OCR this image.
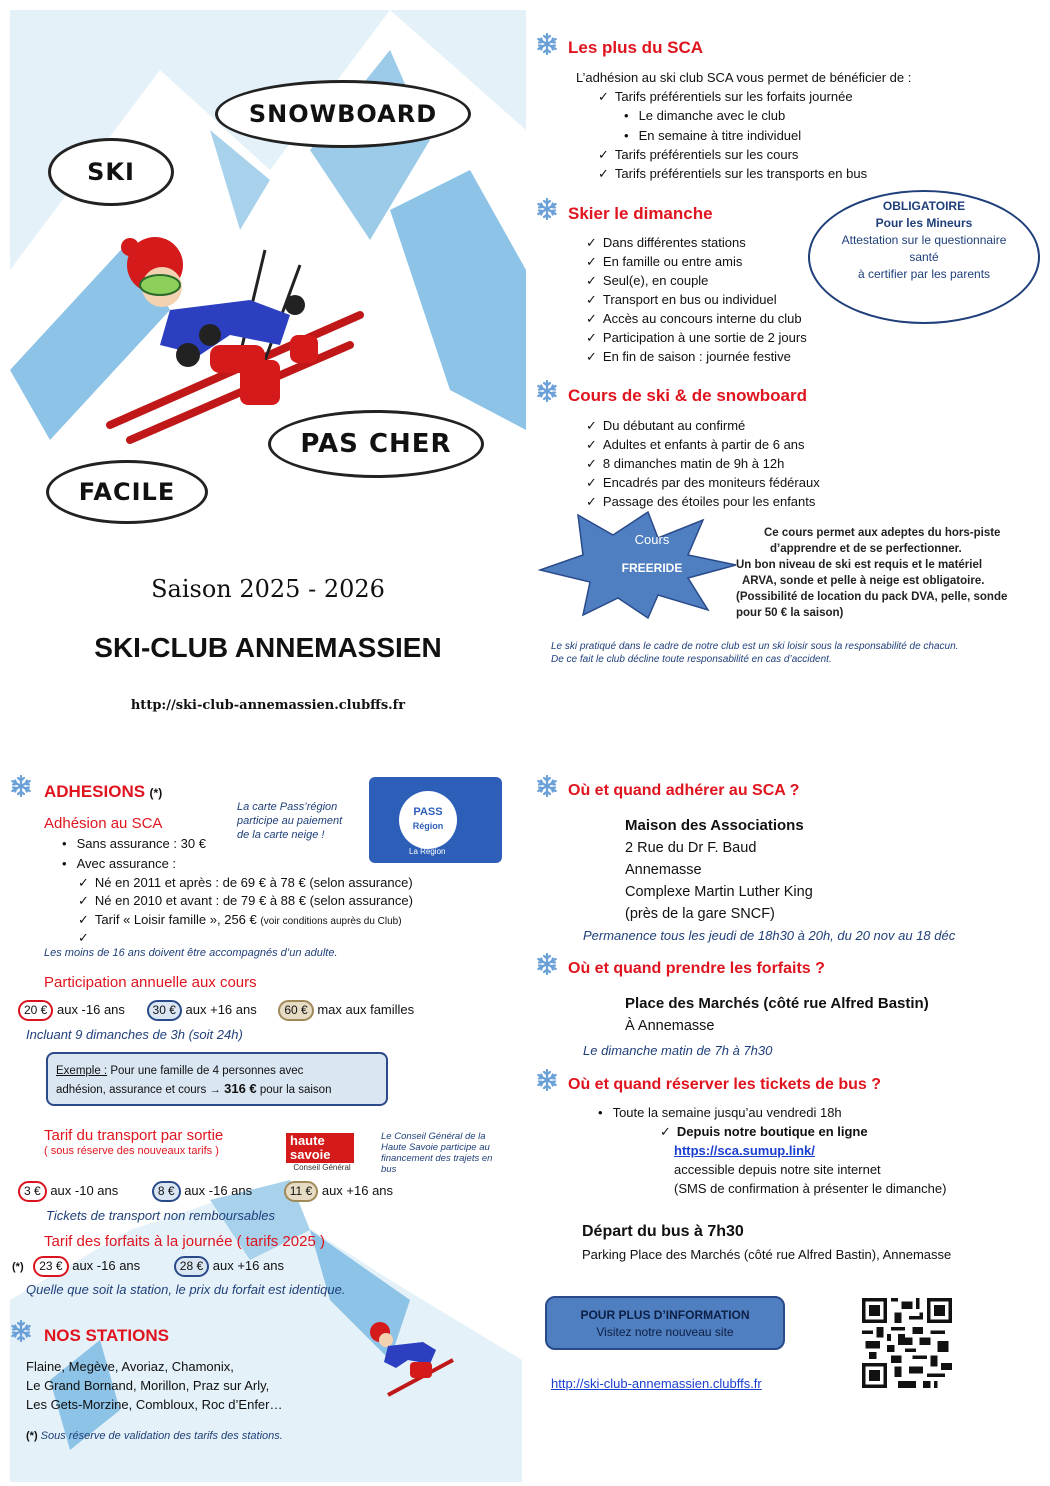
SNOWBOARD
SKI
PAS CHER
FACILE
Saison 2025 - 2026
SKI-CLUB ANNEMASSIEN
http://ski-club-annemassien.clubffs.fr
Les plus du SCA
L’adhésion au ski club SCA vous permet de bénéficier de :
✓ Tarifs préférentiels sur les forfaits journée
• Le dimanche avec le club
• En semaine à titre individuel
✓ Tarifs préférentiels sur les cours
✓ Tarifs préférentiels sur les transports en bus
Skier le dimanche
✓ Dans différentes stations
✓ En famille ou entre amis
✓ Seul(e), en couple
✓ Transport en bus ou individuel
✓ Accès au concours interne du club
✓ Participation à une sortie de 2 jours
✓ En fin de saison : journée festive
OBLIGATOIRE
Pour les Mineurs
Attestation sur le questionnaire
santé
à certifier par les parents
Cours de ski & de snowboard
✓ Du débutant au confirmé
✓ Adultes et enfants à partir de 6 ans
✓ 8 dimanches matin de 9h à 12h
✓ Encadrés par des moniteurs fédéraux
✓ Passage des étoiles pour les enfants
Cours
FREERIDE
Ce cours permet aux adeptes du hors-piste
d’apprendre et de se perfectionner.
Un bon niveau de ski est requis et le matériel
ARVA, sonde et pelle à neige est obligatoire.
(Possibilité de location du pack DVA, pelle, sonde
pour 50 € la saison)
Le ski pratiqué dans le cadre de notre club est un ski loisir sous la responsabilité de chacun.
De ce fait le club décline toute responsabilité en cas d’accident.
ADHESIONS (*)
La carte Pass’région
participe au paiement
de la carte neige !
PASS
Région
La Région
Adhésion au SCA
• Sans assurance : 30 €
• Avec assurance :
✓ Né en 2011 et après : de 69 € à 78 € (selon assurance)
✓ Né en 2010 et avant : de 79 € à 88 € (selon assurance)
✓ Tarif « Loisir famille », 256 € (voir conditions auprès du Club)
✓
Les moins de 16 ans doivent être accompagnés d’un adulte.
Participation annuelle aux cours
20 € aux -16 ans 30 € aux +16 ans 60 € max aux familles
Incluant 9 dimanches de 3h (soit 24h)
Exemple : Pour une famille de 4 personnes avec
adhésion, assurance et cours → 316 € pour la saison
Tarif du transport par sortie
( sous réserve des nouveaux tarifs )
haute
savoie
Conseil Général
Le Conseil Général de la
Haute Savoie participe au
financement des trajets en
bus
3 € aux -10 ans	8 € aux -16 ans	11 € aux +16 ans
Tickets de transport non remboursables
Tarif des forfaits à la journée ( tarifs 2025 )
(*) 23 € aux -16 ans	28 € aux +16 ans
Quelle que soit la station, le prix du forfait est identique.
NOS STATIONS
Flaine, Megève, Avoriaz, Chamonix,
Le Grand Bornand, Morillon, Praz sur Arly,
Les Gets-Morzine, Combloux, Roc d’Enfer…
(*) Sous réserve de validation des tarifs des stations.
Où et quand adhérer au SCA ?
Maison des Associations
2 Rue du Dr F. Baud
Annemasse
Complexe Martin Luther King
(près de la gare SNCF)
Permanence tous les jeudi de 18h30 à 20h, du 20 nov au 18 déc
Où et quand prendre les forfaits ?
Place des Marchés (côté rue Alfred Bastin)
À Annemasse
Le dimanche matin de 7h à 7h30
Où et quand réserver les tickets de bus ?
• Toute la semaine jusqu’au vendredi 18h
✓ Depuis notre boutique en ligne
https://sca.sumup.link/
accessible depuis notre site internet
(SMS de confirmation à présenter le dimanche)
Départ du bus à 7h30
Parking Place des Marchés (côté rue Alfred Bastin), Annemasse
POUR PLUS D’INFORMATION
Visitez notre nouveau site
http://ski-club-annemassien.clubffs.fr
